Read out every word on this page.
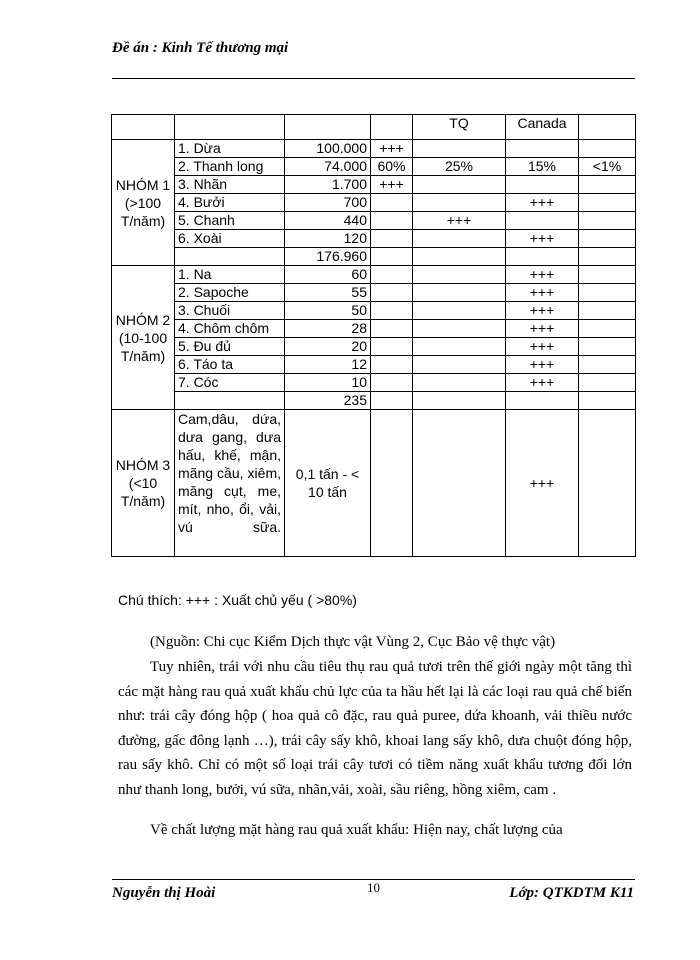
Đề án : Kinh Tế thương mại
				TQ	Canada	
NHÓM 1 (>100 T/năm)	1. Dừa	100.000	+++			
	2. Thanh long	74.000	60%	25%	15%	<1%
	3. Nhãn	1.700	+++			
	4. Bưởi	700			+++	
	5. Chanh	440		+++		
	6. Xoài	120			+++	
		176.960				
NHÓM 2 (10-100 T/năm)	1. Na	60			+++	
	2. Sapoche	55			+++	
	3. Chuối	50			+++	
	4. Chôm chôm	28			+++	
	5. Đu đủ	20			+++	
	6. Táo ta	12			+++	
	7. Cóc	10			+++	
		235				
NHÓM 3 (<10 T/năm)	Cam,dâu, dứa, dưa gang, dưa hấu, khế, mận, mãng cầu, xiêm, măng cụt, me, mít, nho, ổi, vải, vú sữa.	0,1 tấn - < 10 tấn			+++	
Chú thích: +++ : Xuất chủ yếu ( >80%)
(Nguồn: Chi cục Kiểm Dịch thực vật Vùng 2, Cục Bảo vệ thực vật)
Tuy nhiên, trái với nhu cầu tiêu thụ rau quả tươi trên thế giới ngày một tăng thì các mặt hàng rau quả xuất khẩu chủ lực của ta hầu hết lại là các loại rau quả chế biến như: trái cây đóng hộp ( hoa quả cô đặc, rau quả puree, dứa khoanh, vải thiều nước đường, gấc đông lạnh …), trái cây sấy khô, khoai lang sấy khô, dưa chuột đóng hộp, rau sấy khô. Chỉ có một số loại trái cây tươi có tiềm năng xuất khẩu tương đối lớn như thanh long, bưởi, vú sữa, nhãn,vải, xoài, sầu riêng, hồng xiêm, cam .
Về chất lượng mặt hàng rau quả xuất khẩu: Hiện nay, chất lượng của
Nguyễn thị Hoài	10	Lớp: QTKDTM K11
